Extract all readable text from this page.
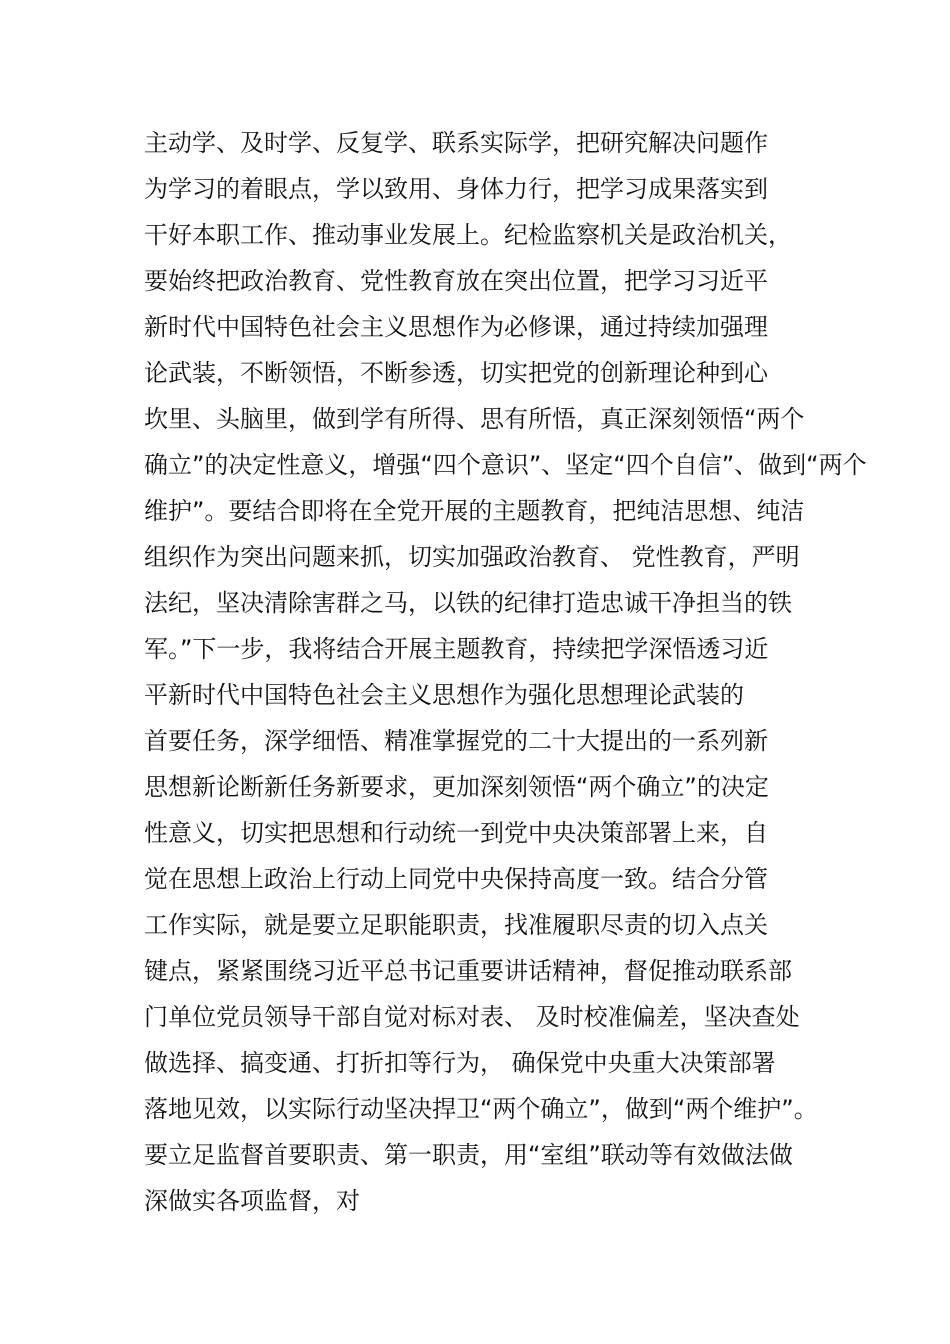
主动学、及时学、反复学、联系实际学，把研究解决问题作
为学习的着眼点，学以致用、身体力行，把学习成果落实到
干好本职工作、推动事业发展上。纪检监察机关是政治机关，
要始终把政治教育、党性教育放在突出位置，把学习习近平
新时代中国特色社会主义思想作为必修课，通过持续加强理
论武装，不断领悟，不断参透，切实把党的创新理论种到心
坎里、头脑里，做到学有所得、思有所悟，真正深刻领悟“两个
确立”的决定性意义，增强“四个意识”、坚定“四个自信”、做到“两个
维护”。要结合即将在全党开展的主题教育，把纯洁思想、纯洁
组织作为突出问题来抓，切实加强政治教育、 党性教育，严明
法纪，坚决清除害群之马，以铁的纪律打造忠诚干净担当的铁
军。”下一步，我将结合开展主题教育，持续把学深悟透习近
平新时代中国特色社会主义思想作为强化思想理论武装的
首要任务，深学细悟、精准掌握党的二十大提出的一系列新
思想新论断新任务新要求，更加深刻领悟“两个确立”的决定
性意义，切实把思想和行动统一到党中央决策部署上来，自
觉在思想上政治上行动上同党中央保持高度一致。结合分管
工作实际，就是要立足职能职责，找准履职尽责的切入点关
键点，紧紧围绕习近平总书记重要讲话精神，督促推动联系部
门单位党员领导干部自觉对标对表、 及时校准偏差，坚决查处
做选择、搞变通、打折扣等行为， 确保党中央重大决策部署
落地见效，以实际行动坚决捍卫“两个确立”，做到“两个维护”。
要立足监督首要职责、第一职责，用“室组”联动等有效做法做
深做实各项监督，对
